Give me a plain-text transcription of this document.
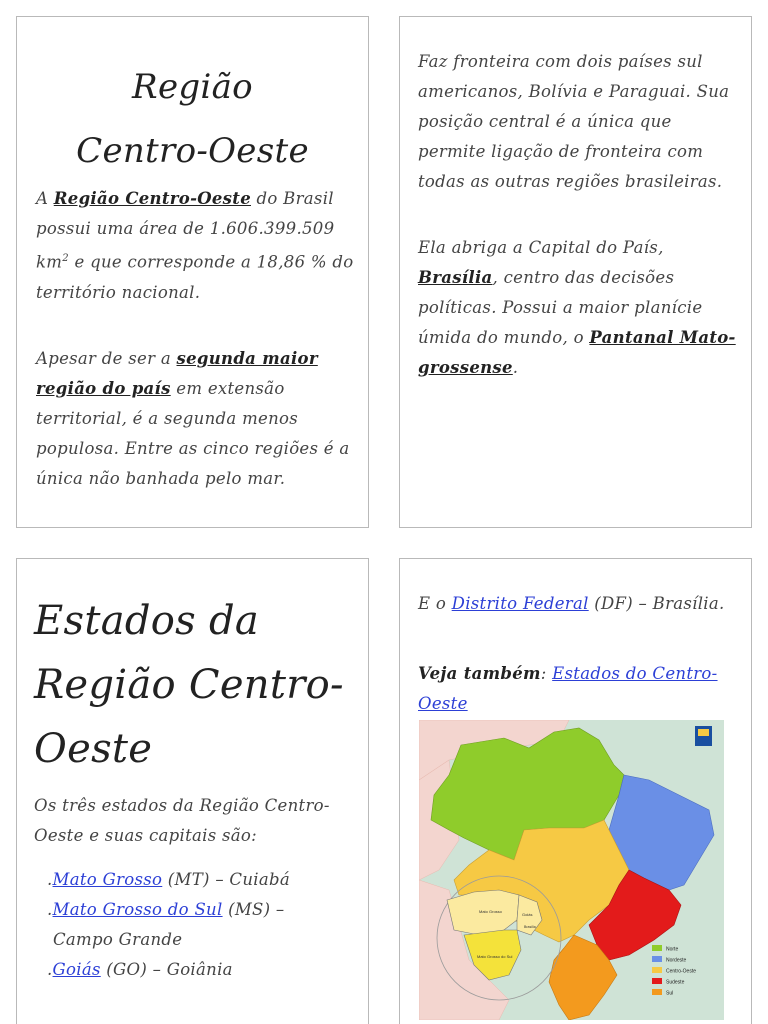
Região
Centro-Oeste
A Região Centro-Oeste do Brasil possui uma área de 1.606.399.509 $km^2$ e que corresponde a 18,86 % do território nacional.
Apesar de ser a segunda maior região do país em extensão territorial, é a segunda menos populosa. Entre as cinco regiões é a única não banhada pelo mar.
Faz fronteira com dois países sul americanos, Bolívia e Paraguai. Sua posição central é a única que permite ligação de fronteira com todas as outras regiões brasileiras.
Ela abriga a Capital do País, Brasília, centro das decisões políticas. Possui a maior planície úmida do mundo, o Pantanal Mato-grossense.
Estados da
Região Centro-
Oeste
Os três estados da Região Centro-Oeste e suas capitais são:
.Mato Grosso (MT) – Cuiabá
.Mato Grosso do Sul (MS) –
Campo Grande
.Goiás (GO) – Goiânia
E o Distrito Federal (DF) – Brasília.
Veja também: Estados do Centro-Oeste
Mato Grosso
Goiás
Brasília
Mato Grosso do Sul
Norte
Nordeste
Centro-Oeste
Sudeste
Sul
